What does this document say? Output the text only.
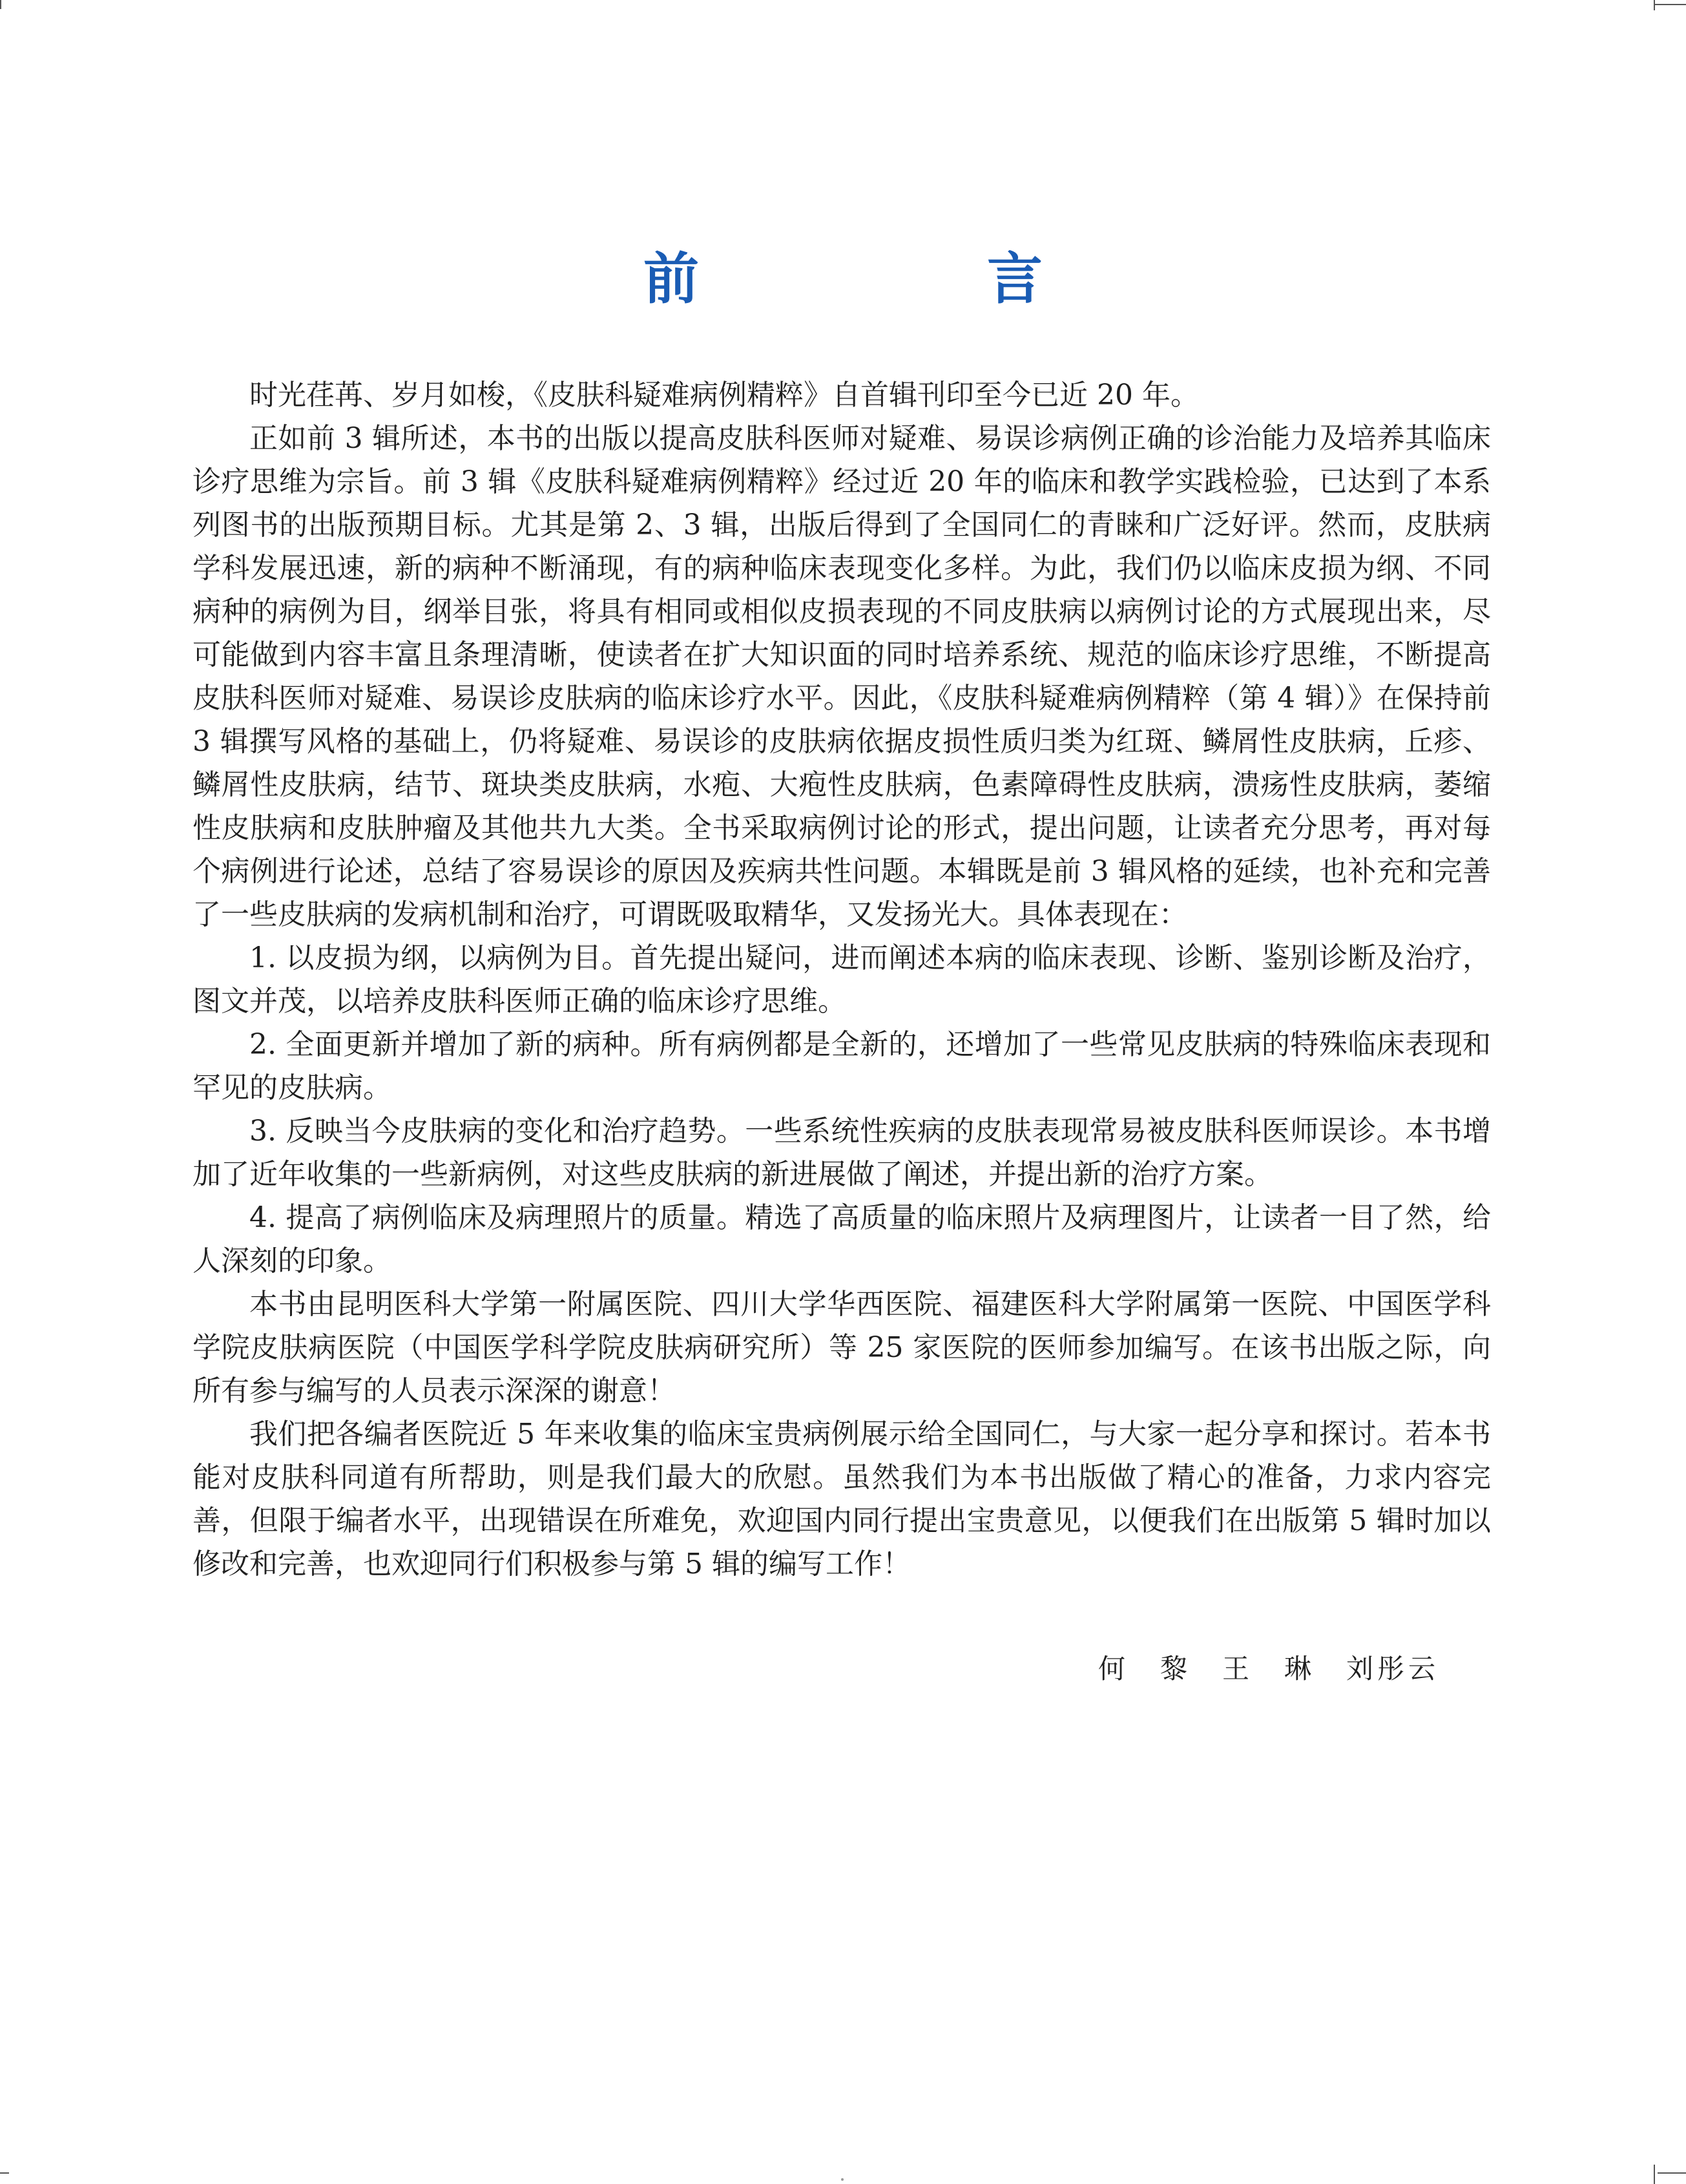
前　言

时光荏苒、岁月如梭，《皮肤科疑难病例精粹》自首辑刊印至今已近 20 年。

正如前 3 辑所述，本书的出版以提高皮肤科医师对疑难、易误诊病例正确的诊治能力及培养其临床诊疗思维为宗旨。前 3 辑《皮肤科疑难病例精粹》经过近 20 年的临床和教学实践检验，已达到了本系列图书的出版预期目标。尤其是第 2、3 辑，出版后得到了全国同仁的青睐和广泛好评。然而，皮肤病学科发展迅速，新的病种不断涌现，有的病种临床表现变化多样。为此，我们仍以临床皮损为纲、不同病种的病例为目，纲举目张，将具有相同或相似皮损表现的不同皮肤病以病例讨论的方式展现出来，尽可能做到内容丰富且条理清晰，使读者在扩大知识面的同时培养系统、规范的临床诊疗思维，不断提高皮肤科医师对疑难、易误诊皮肤病的临床诊疗水平。因此，《皮肤科疑难病例精粹（第 4 辑）》在保持前 3 辑撰写风格的基础上，仍将疑难、易误诊的皮肤病依据皮损性质归类为红斑、鳞屑性皮肤病，丘疹、鳞屑性皮肤病，结节、斑块类皮肤病，水疱、大疱性皮肤病，色素障碍性皮肤病，溃疡性皮肤病，萎缩性皮肤病和皮肤肿瘤及其他共九大类。全书采取病例讨论的形式，提出问题，让读者充分思考，再对每个病例进行论述，总结了容易误诊的原因及疾病共性问题。本辑既是前 3 辑风格的延续，也补充和完善了一些皮肤病的发病机制和治疗，可谓既吸取精华，又发扬光大。具体表现在：

1. 以皮损为纲，以病例为目。首先提出疑问，进而阐述本病的临床表现、诊断、鉴别诊断及治疗，图文并茂，以培养皮肤科医师正确的临床诊疗思维。

2. 全面更新并增加了新的病种。所有病例都是全新的，还增加了一些常见皮肤病的特殊临床表现和罕见的皮肤病。

3. 反映当今皮肤病的变化和治疗趋势。一些系统性疾病的皮肤表现常易被皮肤科医师误诊。本书增加了近年收集的一些新病例，对这些皮肤病的新进展做了阐述，并提出新的治疗方案。

4. 提高了病例临床及病理照片的质量。精选了高质量的临床照片及病理图片，让读者一目了然，给人深刻的印象。

本书由昆明医科大学第一附属医院、四川大学华西医院、福建医科大学附属第一医院、中国医学科学院皮肤病医院（中国医学科学院皮肤病研究所）等 25 家医院的医师参加编写。在该书出版之际，向所有参与编写的人员表示深深的谢意！

我们把各编者医院近 5 年来收集的临床宝贵病例展示给全国同仁，与大家一起分享和探讨。若本书能对皮肤科同道有所帮助，则是我们最大的欣慰。虽然我们为本书出版做了精心的准备，力求内容完善，但限于编者水平，出现错误在所难免，欢迎国内同行提出宝贵意见，以便我们在出版第 5 辑时加以修改和完善，也欢迎同行们积极参与第 5 辑的编写工作！

何　黎　王　琳　刘彤云
